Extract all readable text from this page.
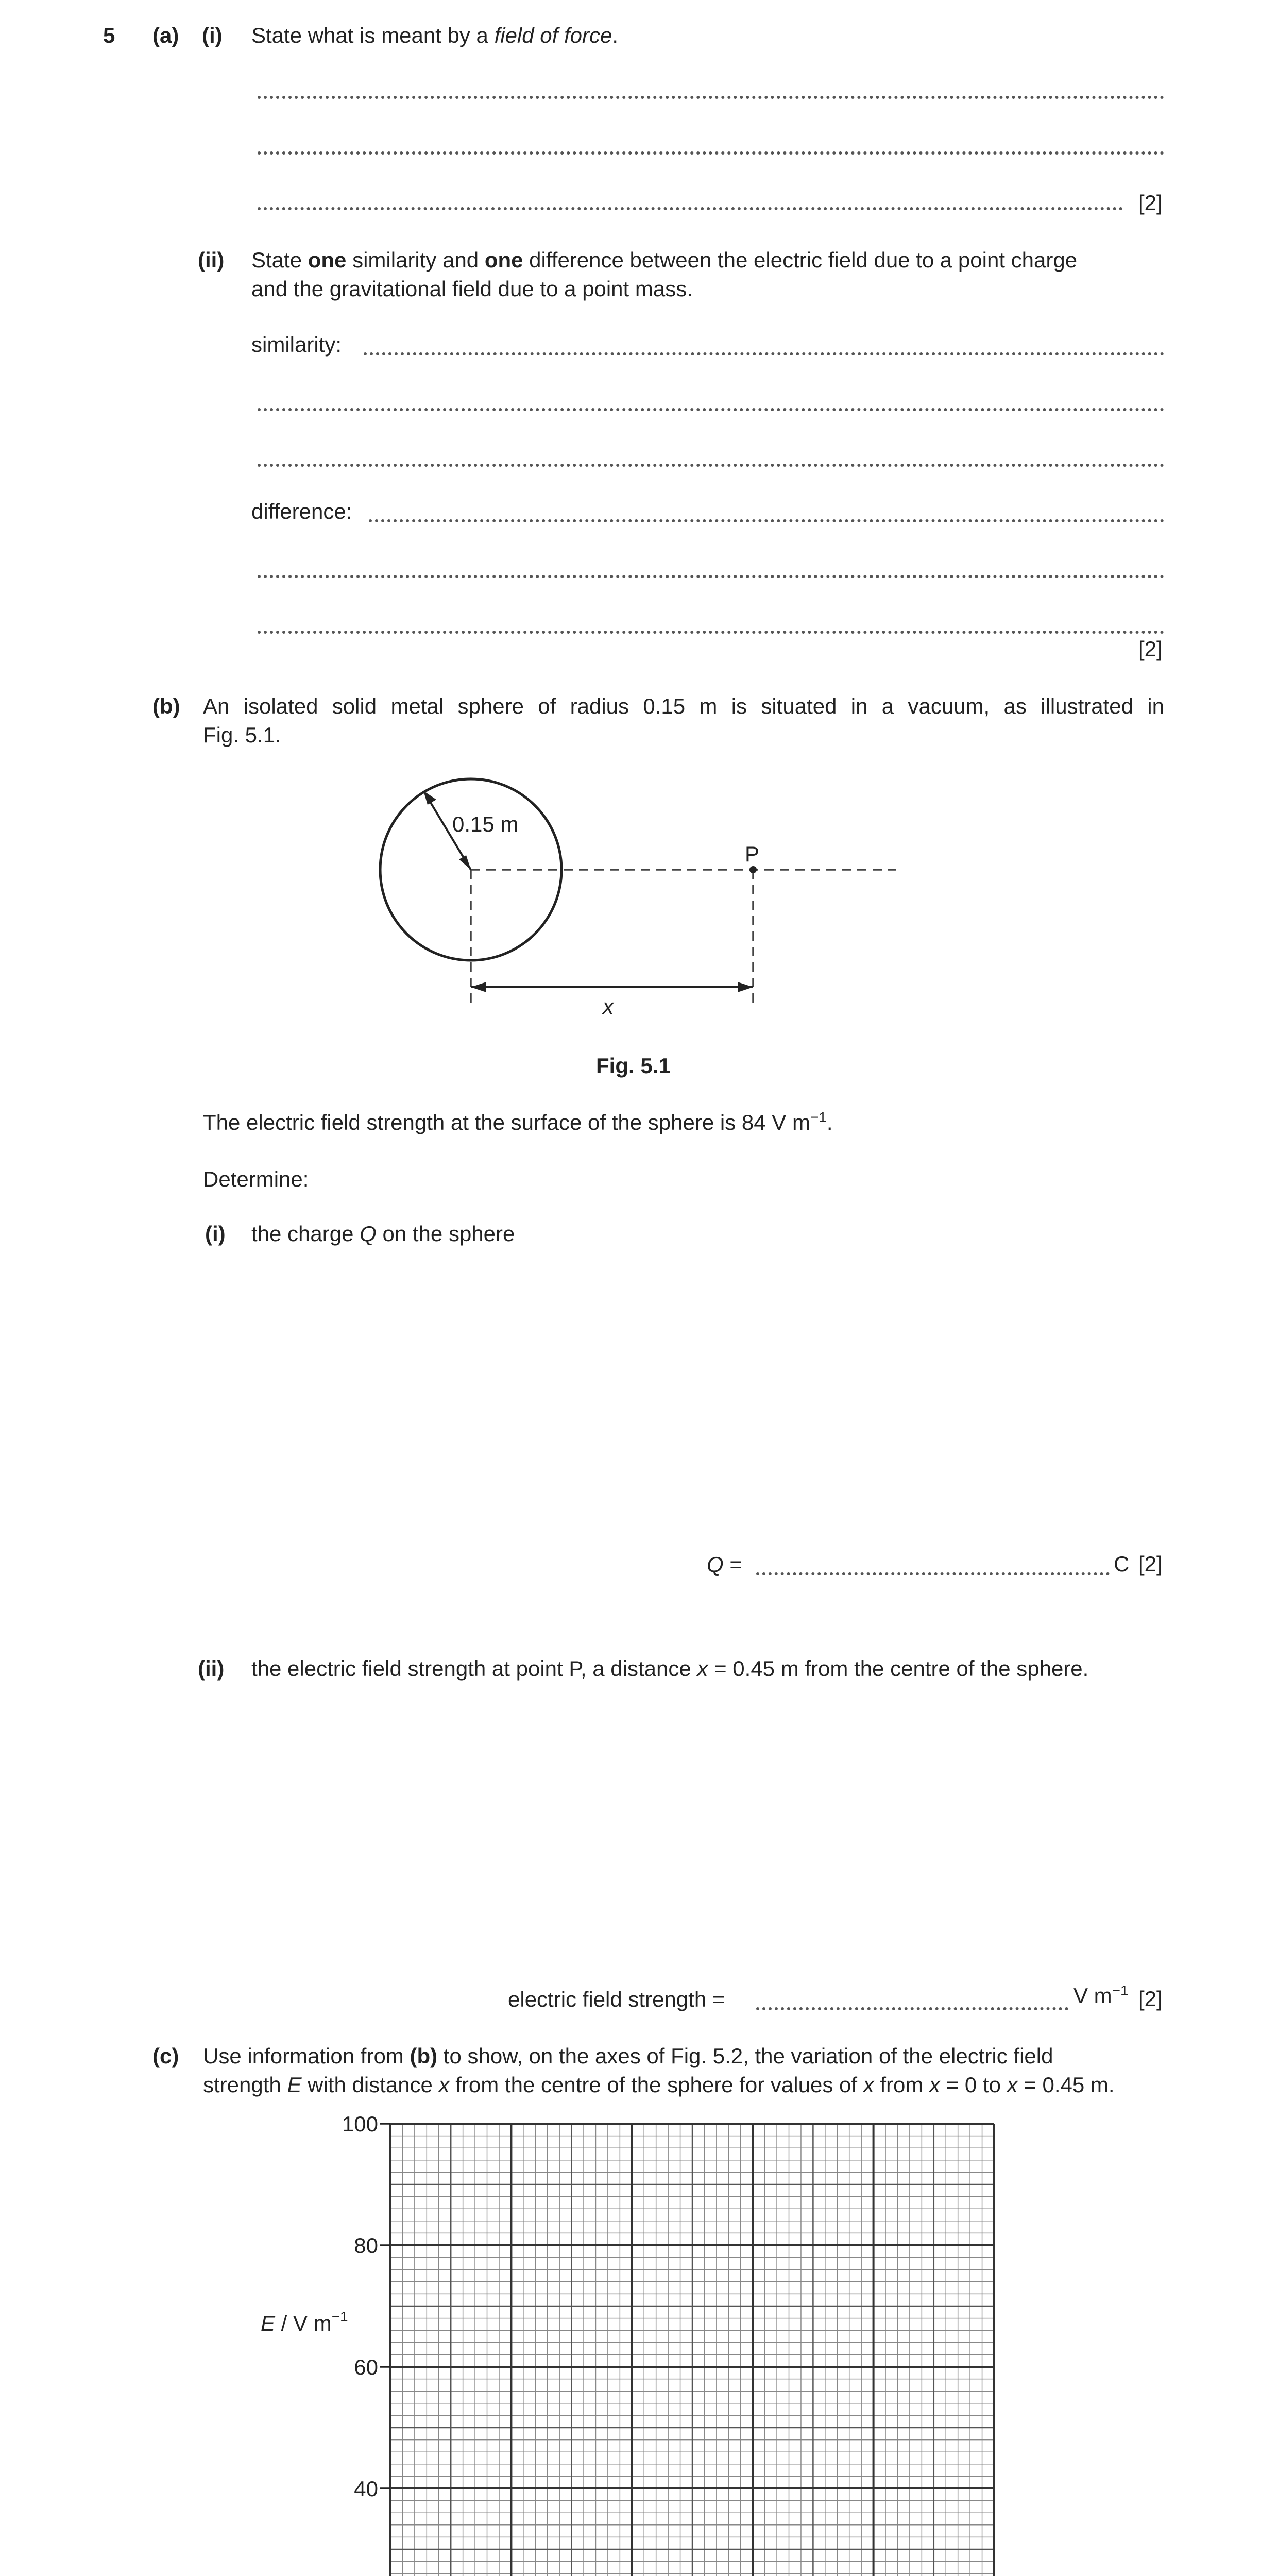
5 (a) (i) State what is meant by a field of force.
[2]
(ii) State one similarity and one difference between the electric field due to a point charge
and the gravitational field due to a point mass.
similarity:
difference:
[2]
(b) An isolated solid metal sphere of radius 0.15 m is situated in a vacuum, as illustrated in
Fig. 5.1.
0.15 m
P
x
Fig. 5.1
The electric field strength at the surface of the sphere is 84 V $m^{-1}$.
Determine:
(i) the charge Q on the sphere
Q =	C [2]
(ii) the electric field strength at point P, a distance x = 0.45 m from the centre of the sphere.
electric field strength =	V $m^{-1}$ [2]
(c) Use information from (b) to show, on the axes of Fig. 5.2, the variation of the electric field
strength E with distance x from the centre of the sphere for values of x from x = 0 to x = 0.45 m.
40
60
80
100
E / V $m^{-1}$
